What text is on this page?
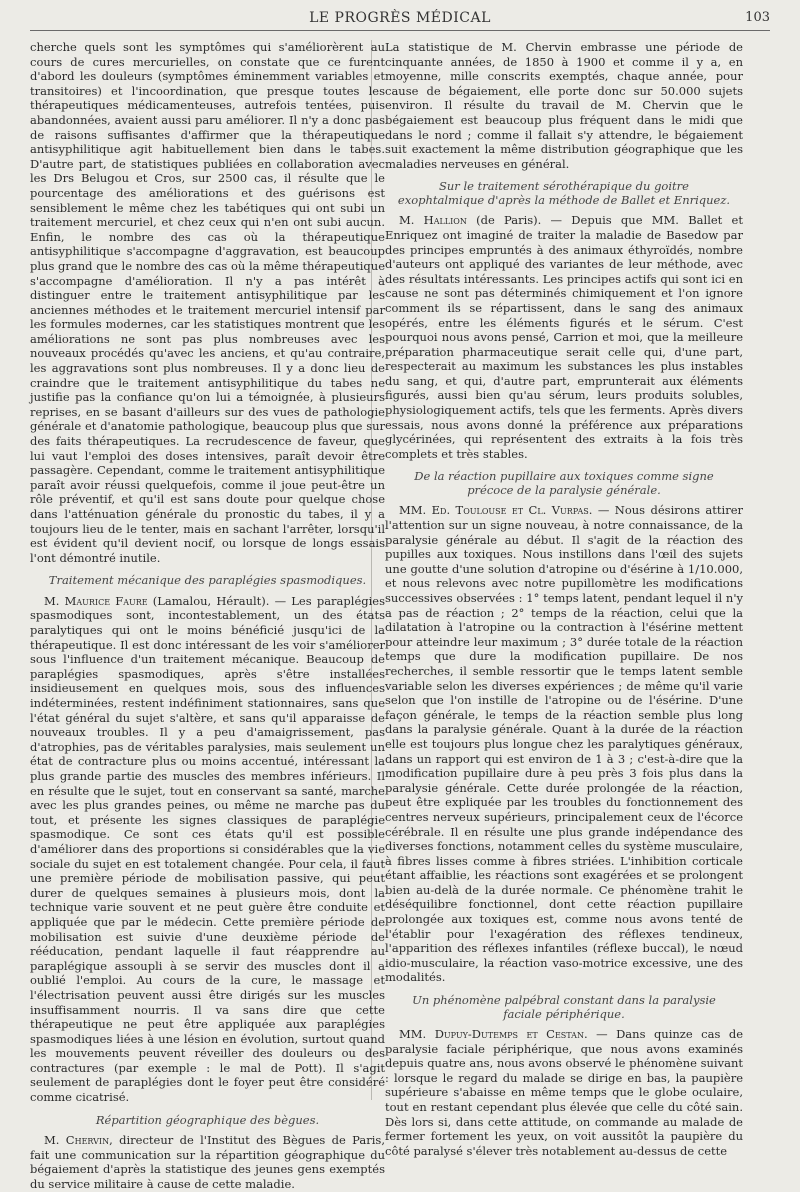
LE PROGRÈS MÉDICAL	103

cherche quels sont les symptômes qui s'améliorèrent au cours de cures mercurielles, on constate que ce furent d'abord les douleurs (symptômes éminemment variables et transitoires) et l'incoordination, que presque toutes les thérapeutiques médicamenteuses, autrefois tentées, puis abandonnées, avaient aussi paru améliorer. Il n'y a donc pas de raisons suffisantes d'affirmer que la thérapeutique antisyphilitique agit habituellement bien dans le tabes. D'autre part, de statistiques publiées en collaboration avec les Drs Belugou et Cros, sur 2500 cas, il résulte que le pourcentage des améliorations et des guérisons est sensiblement le même chez les tabétiques qui ont subi un traitement mercuriel, et chez ceux qui n'en ont subi aucun. Enfin, le nombre des cas où la thérapeutique antisyphilitique s'accompagne d'aggravation, est beaucoup plus grand que le nombre des cas où la même thérapeutique s'accompagne d'amélioration. Il n'y a pas intérêt à distinguer entre le traitement antisyphilitique par les anciennes méthodes et le traitement mercuriel intensif par les formules modernes, car les statistiques montrent que les améliorations ne sont pas plus nombreuses avec les nouveaux procédés qu'avec les anciens, et qu'au contraire, les aggravations sont plus nombreuses. Il y a donc lieu de craindre que le traitement antisyphilitique du tabes ne justifie pas la confiance qu'on lui a témoignée, à plusieurs reprises, en se basant d'ailleurs sur des vues de pathologie générale et d'anatomie pathologique, beaucoup plus que sur des faits thérapeutiques. La recrudescence de faveur, que lui vaut l'emploi des doses intensives, paraît devoir être passagère. Cependant, comme le traitement antisyphilitique paraît avoir réussi quelquefois, comme il joue peut-être un rôle préventif, et qu'il est sans doute pour quelque chose dans l'atténuation générale du pronostic du tabes, il y a toujours lieu de le tenter, mais en sachant l'arrêter, lorsqu'il est évident qu'il devient nocif, ou lorsque de longs essais l'ont démontré inutile.

Traitement mécanique des paraplégies spasmodiques.

M. Maurice Faure (Lamalou, Hérault). — Les paraplégies spasmodiques sont, incontestablement, un des états paralytiques qui ont le moins bénéficié jusqu'ici de la thérapeutique. Il est donc intéressant de les voir s'améliorer sous l'influence d'un traitement mécanique. Beaucoup de paraplégies spasmodiques, après s'être installées insidieusement en quelques mois, sous des influences indéterminées, restent indéfiniment stationnaires, sans que l'état général du sujet s'altère, et sans qu'il apparaisse de nouveaux troubles. Il y a peu d'amaigrissement, pas d'atrophies, pas de véritables paralysies, mais seulement un état de contracture plus ou moins accentué, intéressant la plus grande partie des muscles des membres inférieurs. Il en résulte que le sujet, tout en conservant sa santé, marche avec les plus grandes peines, ou même ne marche pas du tout, et présente les signes classiques de paraplégie spasmodique. Ce sont ces états qu'il est possible d'améliorer dans des proportions si considérables que la vie sociale du sujet en est totalement changée. Pour cela, il faut une première période de mobilisation passive, qui peut durer de quelques semaines à plusieurs mois, dont la technique varie souvent et ne peut guère être conduite et appliquée que par le médecin. Cette première période de mobilisation est suivie d'une deuxième période de rééducation, pendant laquelle il faut réapprendre au paraplégique assoupli à se servir des muscles dont il a oublié l'emploi. Au cours de la cure, le massage et l'électrisation peuvent aussi être dirigés sur les muscles insuffisamment nourris. Il va sans dire que cette thérapeutique ne peut être appliquée aux paraplégies spasmodiques liées à une lésion en évolution, surtout quand les mouvements peuvent réveiller des douleurs ou des contractures (par exemple : le mal de Pott). Il s'agit seulement de paraplégies dont le foyer peut être considéré comme cicatrisé.

Répartition géographique des bègues.

M. Chervin, directeur de l'Institut des Bègues de Paris, fait une communication sur la répartition géographique du bégaiement d'après la statistique des jeunes gens exemptés du service militaire à cause de cette maladie.

La statistique de M. Chervin embrasse une période de cinquante années, de 1850 à 1900 et comme il y a, en moyenne, mille conscrits exemptés, chaque année, pour cause de bégaiement, elle porte donc sur 50.000 sujets environ. Il résulte du travail de M. Chervin que le bégaiement est beaucoup plus fréquent dans le midi que dans le nord ; comme il fallait s'y attendre, le bégaiement suit exactement la même distribution géographique que les maladies nerveuses en général.

Sur le traitement sérothérapique du goitre exophtalmique d'après la méthode de Ballet et Enriquez.

M. Hallion (de Paris). — Depuis que MM. Ballet et Enriquez ont imaginé de traiter la maladie de Basedow par des principes empruntés à des animaux éthyroïdés, nombre d'auteurs ont appliqué des variantes de leur méthode, avec des résultats intéressants. Les principes actifs qui sont ici en cause ne sont pas déterminés chimiquement et l'on ignore comment ils se répartissent, dans le sang des animaux opérés, entre les éléments figurés et le sérum. C'est pourquoi nous avons pensé, Carrion et moi, que la meilleure préparation pharmaceutique serait celle qui, d'une part, respecterait au maximum les substances les plus instables du sang, et qui, d'autre part, emprunterait aux éléments figurés, aussi bien qu'au sérum, leurs produits solubles, physiologiquement actifs, tels que les ferments. Après divers essais, nous avons donné la préférence aux préparations glycérinées, qui représentent des extraits à la fois très complets et très stables.

De la réaction pupillaire aux toxiques comme signe précoce de la paralysie générale.

MM. Ed. Toulouse et Cl. Vurpas. — Nous désirons attirer l'attention sur un signe nouveau, à notre connaissance, de la paralysie générale au début. Il s'agit de la réaction des pupilles aux toxiques. Nous instillons dans l'œil des sujets une goutte d'une solution d'atropine ou d'ésérine à 1/10.000, et nous relevons avec notre pupillomètre les modifications successives observées : 1° temps latent, pendant lequel il n'y a pas de réaction ; 2° temps de la réaction, celui que la dilatation à l'atropine ou la contraction à l'ésérine mettent pour atteindre leur maximum ; 3° durée totale de la réaction temps que dure la modification pupillaire. De nos recherches, il semble ressortir que le temps latent semble variable selon les diverses expériences ; de même qu'il varie selon que l'on instille de l'atropine ou de l'ésérine. D'une façon générale, le temps de la réaction semble plus long dans la paralysie générale. Quant à la durée de la réaction elle est toujours plus longue chez les paralytiques généraux, dans un rapport qui est environ de 1 à 3 ; c'est-à-dire que la modification pupillaire dure à peu près 3 fois plus dans la paralysie générale. Cette durée prolongée de la réaction, peut être expliquée par les troubles du fonctionnement des centres nerveux supérieurs, principalement ceux de l'écorce cérébrale. Il en résulte une plus grande indépendance des diverses fonctions, notamment celles du système musculaire, à fibres lisses comme à fibres striées. L'inhibition corticale étant affaiblie, les réactions sont exagérées et se prolongent bien au-delà de la durée normale. Ce phénomène trahit le déséquilibre fonctionnel, dont cette réaction pupillaire prolongée aux toxiques est, comme nous avons tenté de l'établir pour l'exagération des réflexes tendineux, l'apparition des réflexes infantiles (réflexe buccal), le nœud idio-musculaire, la réaction vaso-motrice excessive, une des modalités.

Un phénomène palpébral constant dans la paralysie faciale périphérique.

MM. Dupuy-Dutemps et Cestan. — Dans quinze cas de paralysie faciale périphérique, que nous avons examinés depuis quatre ans, nous avons observé le phénomène suivant : lorsque le regard du malade se dirige en bas, la paupière supérieure s'abaisse en même temps que le globe oculaire, tout en restant cependant plus élevée que celle du côté sain. Dès lors si, dans cette attitude, on commande au malade de fermer fortement les yeux, on voit aussitôt la paupière du côté paralysé s'élever très notablement au-dessus de cette
